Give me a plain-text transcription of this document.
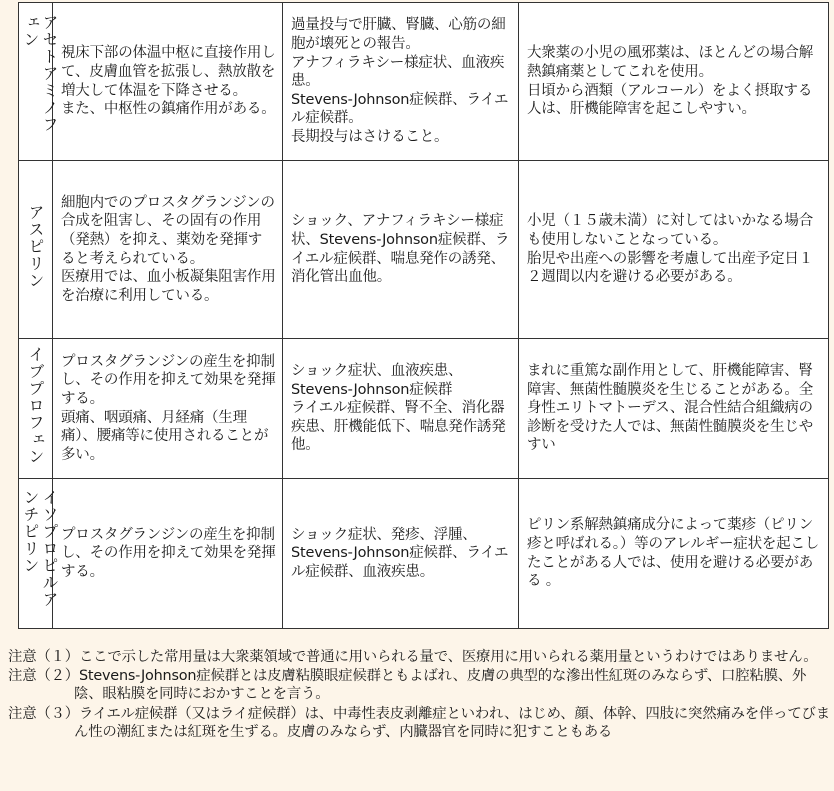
アセトアミノフェン	視床下部の体温中枢に直接作用して、皮膚血管を拡張し、熱放散を増大して体温を下降させる。
また、中枢性の鎮痛作用がある。	過量投与で肝臓、腎臓、心筋の細胞が壊死との報告。
アナフィラキシー様症状、血液疾患。
Stevens-Johnson症候群、ライエル症候群。
長期投与はさけること。	大衆薬の小児の風邪薬は、ほとんどの場合解熱鎮痛薬としてこれを使用。
日頃から酒類（アルコール）をよく摂取する人は、肝機能障害を起こしやすい。

アスピリン	細胞内でのプロスタグランジンの合成を阻害し、その固有の作用（発熱）を抑え、薬効を発揮すると考えられている。
医療用では、血小板凝集阻害作用を治療に利用している。	ショック、アナフィラキシー様症状、Stevens-Johnson症候群、ライエル症候群、喘息発作の誘発、消化管出血他。	小児（１５歳未満）に対してはいかなる場合も使用しないことなっている。
胎児や出産への影響を考慮して出産予定日１２週間以内を避ける必要がある。

イブプロフェン	プロスタグランジンの産生を抑制し、その作用を抑えて効果を発揮する。
頭痛、咽頭痛、月経痛（生理痛）、腰痛等に使用されることが多い。	ショック症状、血液疾患、Stevens-Johnson症候群
ライエル症候群、腎不全、消化器疾患、肝機能低下、喘息発作誘発他。	まれに重篤な副作用として、肝機能障害、腎障害、無菌性髄膜炎を生じることがある。全身性エリトマトーデス、混合性結合組織病の診断を受けた人では、無菌性髄膜炎を生じやすい

イソプロピルアンチピリン	プロスタグランジンの産生を抑制し、その作用を抑えて効果を発揮する。	ショック症状、発疹、浮腫、Stevens-Johnson症候群、ライエル症候群、血液疾患。	ピリン系解熱鎮痛成分によって薬疹（ピリン疹と呼ばれる。）等のアレルギー症状を起こしたことがある人では、使用を避ける必要がある 。

注意（１）ここで示した常用量は大衆薬領域で普通に用いられる量で、医療用に用いられる薬用量というわけではありません。

注意（２）Stevens-Johnson症候群とは皮膚粘膜眼症候群ともよばれ、皮膚の典型的な滲出性紅斑のみならず、口腔粘膜、外陰、眼粘膜を同時におかすことを言う。

注意（３）ライエル症候群（又はライ症候群）は、中毒性表皮剥離症といわれ、はじめ、顔、体幹、四肢に突然痛みを伴ってびまん性の潮紅または紅斑を生ずる。皮膚のみならず、内臓器官を同時に犯すこともある
